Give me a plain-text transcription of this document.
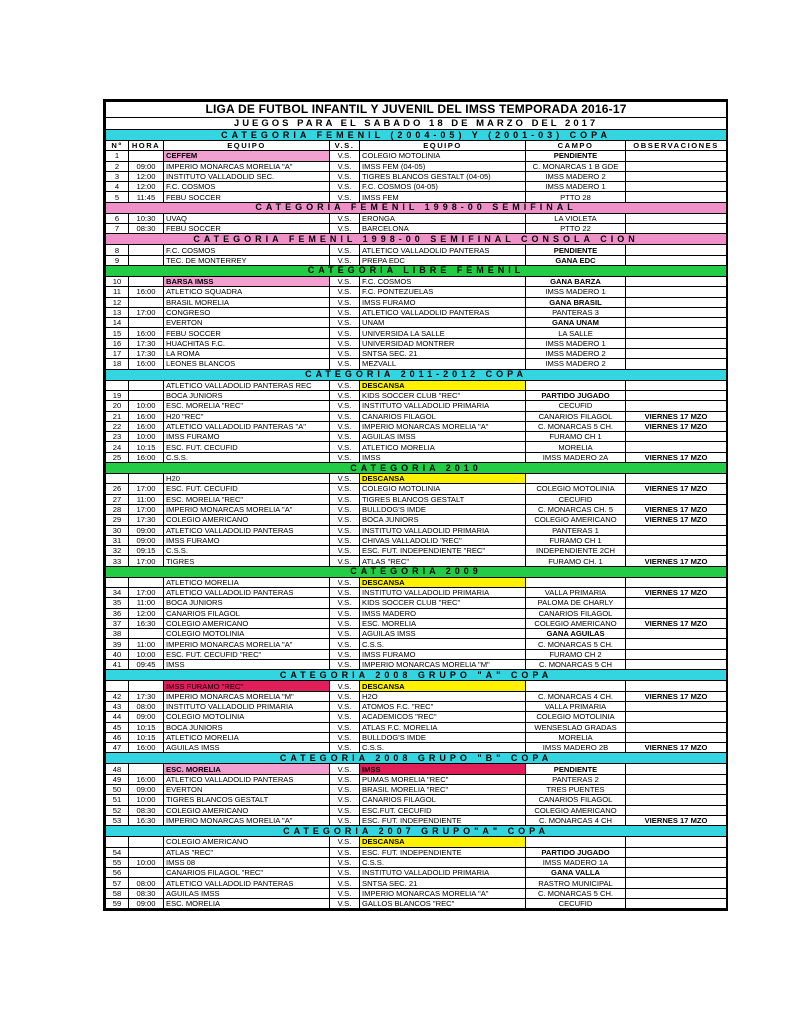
LIGA DE FUTBOL INFANTIL Y JUVENIL DEL IMSS TEMPORADA 2016-17						
JUEGOS PARA EL SABADO 18 DE MARZO DEL 2017						
CATEGORIA FEMENIL (2004-05) Y (2001-03) COPA						
Nº	HORA	EQUIPO	V.S.	EQUIPO	CAMPO	OBSERVACIONES
1		CEFFEM	V.S.	COLEGIO MOTOLINIA	PENDIENTE	
2	09:00	IMPERIO MONARCAS MORELIA "A"	V.S.	IMSS FEM (04-05)	C. MONARCAS 1 B GDE	
3	12:00	INSTITUTO VALLADOLID SEC.	V.S.	TIGRES BLANCOS GESTALT (04-05)	IMSS MADERO 2	
4	12:00	F.C. COSMOS	V.S.	F.C. COSMOS (04-05)	IMSS MADERO 1	
5	11:45	FEBU SOCCER	V.S.	IMSS FEM	PTTO 28	
CATEGORIA FEMENIL 1998-00 SEMIFINAL						
6	10:30	UVAQ	V.S.	ERONGA	LA VIOLETA	
7	08:30	FEBU SOCCER	V.S.	BARCELONA	PTTO 22	
CATEGORIA FEMENIL 1998-00 SEMIFINAL CONSOLA CION						
8		F.C. COSMOS	V.S.	ATLETICO VALLADOLID PANTERAS	PENDIENTE	
9		TEC. DE MONTERREY	V.S.	PREPA EDC	GANA EDC	
CATEGORIA LIBRE FEMENIL						
10		BARSA IMSS	V.S.	F.C. COSMOS	GANA BARZA	
11	16:00	ATLETICO SQUADRA	V.S.	F.C. PONTEZUELAS	IMSS MADERO 1	
12		BRASIL MORELIA	V.S.	IMSS FURAMO	GANA BRASIL	
13	17:00	CONGRESO	V.S.	ATLETICO VALLADOLID PANTERAS	PANTERAS 3	
14		EVERTON	V.S.	UNAM	GANA UNAM	
15	16:00	FEBU SOCCER	V.S.	UNIVERSIDA LA SALLE	LA SALLE	
16	17:30	HUACHITAS F.C.	V.S.	UNIVERSIDAD MONTRER	IMSS MADERO 1	
17	17:30	LA ROMA	V.S.	SNTSA SEC. 21	IMSS MADERO 2	
18	16:00	LEONES BLANCOS	V.S.	MEZVALL	IMSS MADERO 2	
CATEGORIA 2011-2012 COPA						
		ATLETICO VALLADOLID PANTERAS REC	V.S.	DESCANSA		
19		BOCA JUNIORS	V.S.	KIDS SOCCER CLUB "REC"	PARTIDO JUGADO	
20	10:00	ESC. MORELIA "REC"	V.S.	INSTITUTO VALLADOLID PRIMARIA	CECUFID	
21	16:00	H20 "REC"	V.S.	CANARIOS FILAGOL	CANARIOS FILAGOL	VIERNES 17 MZO
22	16:00	ATLETICO VALLADOLID PANTERAS "A"	V.S.	IMPERIO MONARCAS MORELIA "A"	C. MONARCAS 5 CH.	VIERNES 17 MZO
23	10:00	IMSS FURAMO	V.S.	AGUILAS IMSS	FURAMO CH 1	
24	10:15	ESC. FUT. CECUFID	V.S.	ATLETICO MORELIA	MORELIA	
25	16:00	C.S.S.	V.S.	IMSS	IMSS MADERO 2A	VIERNES 17 MZO
CATEGORIA 2010						
		H20	V.S.	DESCANSA		
26	17:00	ESC. FUT. CECUFID	V.S.	COLEGIO MOTOLINIA	COLEGIO MOTOLINIA	VIERNES 17 MZO
27	11:00	ESC. MORELIA "REC"	V.S.	TIGRES BLANCOS GESTALT	CECUFID	
28	17:00	IMPERIO MONARCAS MORELIA "A"	V.S.	BULLDOG'S IMDE	C. MONARCAS CH. 5	VIERNES 17 MZO
29	17:30	COLEGIO AMERICANO	V.S.	BOCA JUNIORS	COLEGIO AMERICANO	VIERNES 17 MZO
30	09:00	ATLETICO VALLADOLID PANTERAS	V.S.	INSTITUTO VALLADOLID PRIMARIA	PANTERAS 1	
31	09:00	IMSS FURAMO	V.S.	CHIVAS VALLADOLID "REC"	FURAMO CH 1	
32	09:15	C.S.S.	V.S.	ESC. FUT. INDEPENDIENTE "REC"	INDEPENDIENTE 2CH	
33	17:00	TIGRES	V.S.	ATLAS "REC"	FURAMO CH. 1	VIERNES 17 MZO
CATEGORIA 2009						
		ATLETICO MORELIA	V.S.	DESCANSA		
34	17:00	ATLETICO VALLADOLID PANTERAS	V.S.	INSTITUTO VALLADOLID PRIMARIA	VALLA PRIMARIA	VIERNES 17 MZO
35	11:00	BOCA JUNIORS	V.S.	KIDS SOCCER CLUB "REC"	PALOMA DE CHARLY	
36	12:00	CANARIOS FILAGOL	V.S.	IMSS MADERO	CANARIOS FILAGOL	
37	16:30	COLEGIO AMERICANO	V.S.	ESC. MORELIA	COLEGIO AMERICANO	VIERNES 17 MZO
38		COLEGIO MOTOLINIA	V.S.	AGUILAS IMSS	GANA AGUILAS	
39	11:00	IMPERIO MONARCAS MORELIA "A"	V.S.	C.S.S.	C. MONARCAS 5 CH.	
40	10:00	ESC. FUT. CECUFID "REC"	V.S.	IMSS FURAMO	FURAMO CH 2	
41	09:45	IMSS	V.S.	IMPERIO MONARCAS MORELIA "M"	C. MONARCAS 5 CH	
CATEGORIA 2008 GRUPO "A" COPA						
		IMSS FURAMO "REC"	V.S.	DESCANSA		
42	17:30	IMPERIO MONARCAS MORELIA "M"	V.S.	H2O	C. MONARCAS 4 CH.	VIERNES 17 MZO
43	08:00	INSTITUTO VALLADOLID PRIMARIA	V.S.	ATOMOS F.C. "REC"	VALLA PRIMARIA	
44	09:00	COLEGIO MOTOLINIA	V.S.	ACADEMICOS "REC"	COLEGIO MOTOLINIA	
45	10:15	BOCA JUNIORS	V.S.	ATLAS F.C. MORELIA	WENSESLAO GRADAS	
46	10:15	ATLETICO MORELIA	V.S.	BULLDOG'S IMDE	MORELIA	
47	16:00	AGUILAS IMSS	V.S.	C.S.S.	IMSS MADERO 2B	VIERNES 17 MZO
CATEGORIA 2008 GRUPO "B" COPA						
48		ESC. MORELIA	V.S.	IMSS	PENDIENTE	
49	16:00	ATLETICO VALLADOLID PANTERAS	V.S.	PUMAS MORELIA "REC"	PANTERAS 2	
50	09:00	EVERTON	V.S.	BRASIL MORELIA "REC"	TRES PUENTES	
51	10:00	TIGRES BLANCOS GESTALT	V.S.	CANARIOS FILAGOL	CANARIOS FILAGOL	
52	08:30	COLEGIO AMERICANO	V.S.	ESC.FUT. CECUFID	COLEGIO AMERICANO	
53	16:30	IMPERIO MONARCAS MORELIA "A"	V.S.	ESC. FUT. INDEPENDIENTE	C. MONARCAS 4 CH	VIERNES 17 MZO
CATEGORIA 2007 GRUPO"A" COPA						
		COLEGIO AMERICANO	V.S.	DESCANSA		
54		ATLAS "REC"	V.S.	ESC. FUT. INDEPENDIENTE	PARTIDO JUGADO	
55	10:00	IMSS 08	V.S.	C.S.S.	IMSS MADERO 1A	
56		CANARIOS FILAGOL "REC"	V.S.	INSTITUTO VALLADOLID PRIMARIA	GANA VALLA	
57	08:00	ATLETICO VALLADOLID PANTERAS	V.S.	SNTSA SEC. 21	RASTRO MUNICIPAL	
58	08:30	AGUILAS IMSS	V.S.	IMPERIO MONARCAS MORELIA "A"	C. MONARCAS 5 CH.	
59	09:00	ESC. MORELIA	V.S.	GALLOS BLANCOS "REC"	CECUFID	
